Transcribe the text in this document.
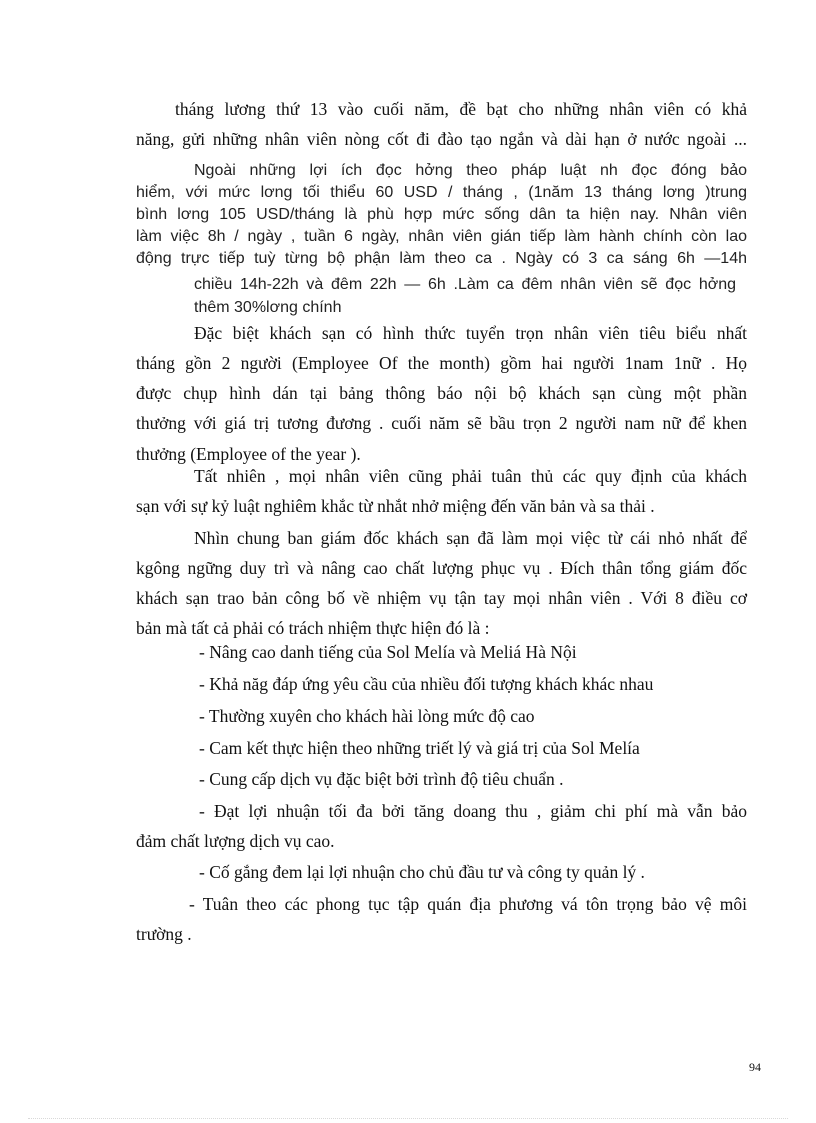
tháng lương thứ 13 vào cuối năm, đề bạt cho những nhân viên có khả
năng, gửi những nhân viên nòng cốt đi đào tạo ngắn và dài hạn ở nước ngoài ...
Ngoài những lợi ích đọc hởng theo pháp luật nh đọc đóng bảo
hiểm, với mức lơng tối thiểu 60 USD / tháng , (1năm 13 tháng lơng )trung
bình lơng 105 USD/tháng là phù hợp mức sống dân ta hiện nay. Nhân viên
làm việc 8h / ngày , tuần 6 ngày, nhân viên gián tiếp làm hành chính còn lao
động trực tiếp tuỳ từng bộ phận làm theo ca . Ngày có 3 ca sáng 6h —14h
chiều 14h-22h và đêm 22h — 6h .Làm ca đêm nhân viên sẽ đọc hởng
thêm 30%lơng chính
Đặc biệt khách sạn có hình thức tuyển trọn nhân viên tiêu biểu nhất
tháng gồn 2 người (Employee Of the month) gồm hai người 1nam 1nữ . Họ
được chụp hình dán tại bảng thông báo nội bộ khách sạn cùng một phần
thưởng với giá trị tương đương . cuối năm sẽ bầu trọn 2 người nam nữ để khen
thưởng (Employee of the year ).
Tất nhiên , mọi nhân viên cũng phải tuân thủ các quy định của khách
sạn với sự kỷ luật nghiêm khắc từ nhắt nhở miệng đến văn bản và sa thải .
Nhìn chung ban giám đốc khách sạn đã làm mọi việc từ cái nhỏ nhất để
kgông ngững duy trì và nâng cao chất lượng phục vụ . Đích thân tổng giám đốc
khách sạn trao bản công bố về nhiệm vụ tận tay mọi nhân viên . Với 8 điều cơ
bản mà tất cả phải có trách nhiệm thực hiện đó là :
- Nâng cao danh tiếng của Sol Melía và Meliá Hà Nội
- Khả năg đáp ứng yêu cầu của nhiều đối tượng khách khác nhau
- Thường xuyên cho khách hài lòng mức độ cao
- Cam kết thực hiện theo những triết lý và giá trị của Sol Melía
- Cung cấp dịch vụ đặc biệt bởi trình độ tiêu chuẩn .
- Đạt lợi nhuận tối đa bởi tăng doang thu , giảm chi phí mà vẫn bảo
đảm chất lượng dịch vụ cao.
- Cố gắng đem lại lợi nhuận cho chủ đầu tư và công ty quản lý .
- Tuân theo các phong tục tập quán địa phương vá tôn trọng bảo vệ môi
trường .
94
